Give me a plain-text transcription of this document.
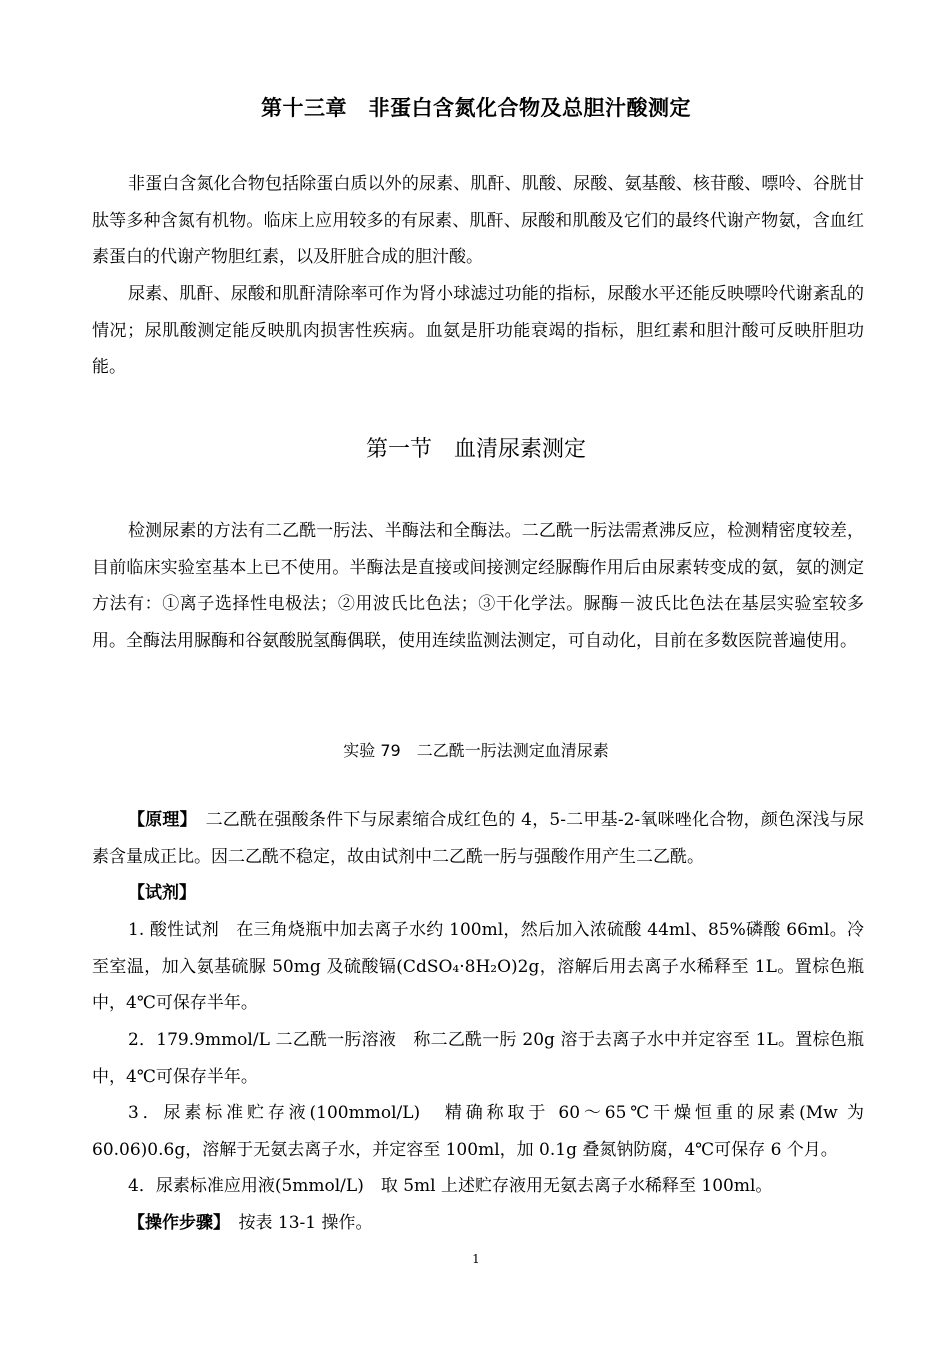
第十三章　非蛋白含氮化合物及总胆汁酸测定
非蛋白含氮化合物包括除蛋白质以外的尿素、肌酐、肌酸、尿酸、氨基酸、核苷酸、嘌呤、谷胱甘肽等多种含氮有机物。临床上应用较多的有尿素、肌酐、尿酸和肌酸及它们的最终代谢产物氨，含血红素蛋白的代谢产物胆红素，以及肝脏合成的胆汁酸。
尿素、肌酐、尿酸和肌酐清除率可作为肾小球滤过功能的指标，尿酸水平还能反映嘌呤代谢紊乱的情况；尿肌酸测定能反映肌肉损害性疾病。血氨是肝功能衰竭的指标，胆红素和胆汁酸可反映肝胆功能。
第一节　血清尿素测定
检测尿素的方法有二乙酰一肟法、半酶法和全酶法。二乙酰一肟法需煮沸反应，检测精密度较差，目前临床实验室基本上已不使用。半酶法是直接或间接测定经脲酶作用后由尿素转变成的氨，氨的测定方法有：①离子选择性电极法；②用波氏比色法；③干化学法。脲酶－波氏比色法在基层实验室较多用。全酶法用脲酶和谷氨酸脱氢酶偶联，使用连续监测法测定，可自动化，目前在多数医院普遍使用。
实验 79　二乙酰一肟法测定血清尿素
【原理】　二乙酰在强酸条件下与尿素缩合成红色的 4，5-二甲基-2-氧咪唑化合物，颜色深浅与尿素含量成正比。因二乙酰不稳定，故由试剂中二乙酰一肟与强酸作用产生二乙酰。
【试剂】
1. 酸性试剂　在三角烧瓶中加去离子水约 100ml，然后加入浓硫酸 44ml、85%磷酸 66ml。冷至室温，加入氨基硫脲 50mg 及硫酸镉(CdSO₄·8H₂O)2g，溶解后用去离子水稀释至 1L。置棕色瓶中，4℃可保存半年。
2．179.9mmol/L 二乙酰一肟溶液　称二乙酰一肟 20g 溶于去离子水中并定容至 1L。置棕色瓶中，4℃可保存半年。
3．尿素标准贮存液(100mmol/L)　精确称取于 60～65℃干燥恒重的尿素(Mw 为 60.06)0.6g，溶解于无氨去离子水，并定容至 100ml，加 0.1g 叠氮钠防腐，4℃可保存 6 个月。
4．尿素标准应用液(5mmol/L)　取 5ml 上述贮存液用无氨去离子水稀释至 100ml。
【操作步骤】　按表 13-1 操作。
1
